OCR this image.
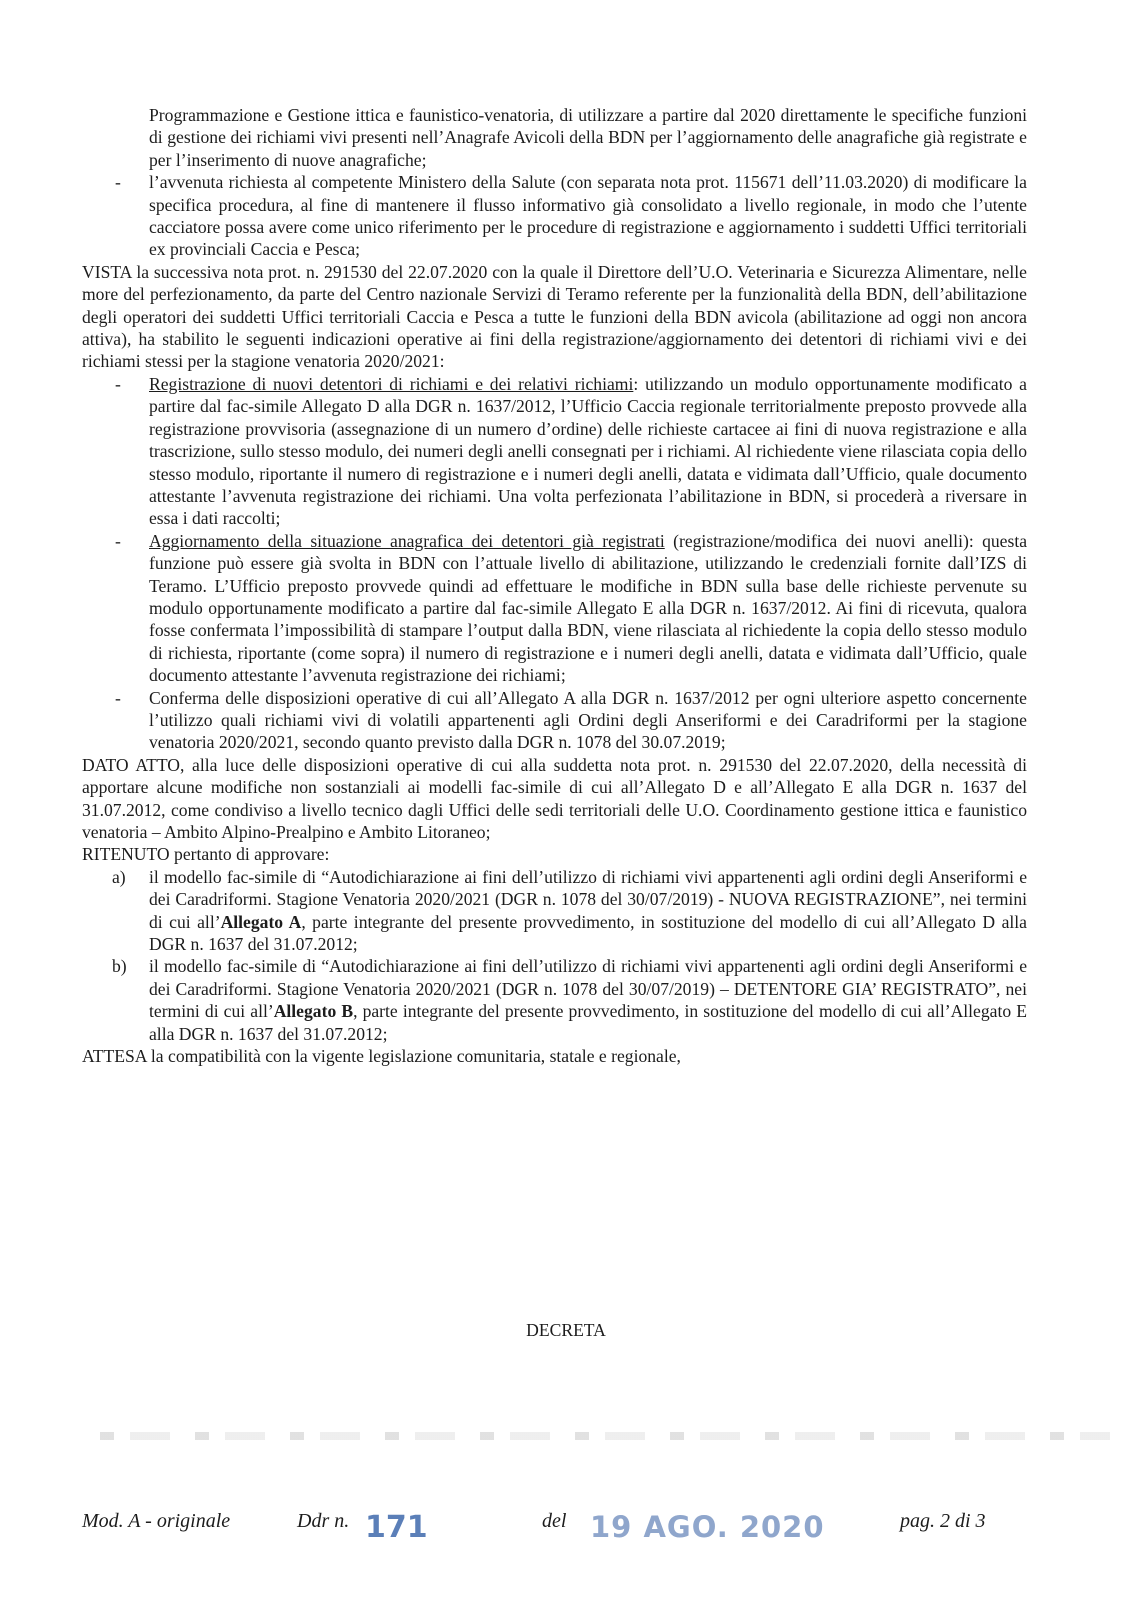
Programmazione e Gestione ittica e faunistico-venatoria, di utilizzare a partire dal 2020 direttamente le specifiche funzioni di gestione dei richiami vivi presenti nell’Anagrafe Avicoli della BDN per l’aggiornamento delle anagrafiche già registrate e per l’inserimento di nuove anagrafiche;

- l’avvenuta richiesta al competente Ministero della Salute (con separata nota prot. 115671 dell’11.03.2020) di modificare la specifica procedura, al fine di mantenere il flusso informativo già consolidato a livello regionale, in modo che l’utente cacciatore possa avere come unico riferimento per le procedure di registrazione e aggiornamento i suddetti Uffici territoriali ex provinciali Caccia e Pesca;

VISTA la successiva nota prot. n. 291530 del 22.07.2020 con la quale il Direttore dell’U.O. Veterinaria e Sicurezza Alimentare, nelle more del perfezionamento, da parte del Centro nazionale Servizi di Teramo referente per la funzionalità della BDN, dell’abilitazione degli operatori dei suddetti Uffici territoriali Caccia e Pesca a tutte le funzioni della BDN avicola (abilitazione ad oggi non ancora attiva), ha stabilito le seguenti indicazioni operative ai fini della registrazione/aggiornamento dei detentori di richiami vivi e dei richiami stessi per la stagione venatoria 2020/2021:

- Registrazione di nuovi detentori di richiami e dei relativi richiami: utilizzando un modulo opportunamente modificato a partire dal fac-simile Allegato D alla DGR n. 1637/2012, l’Ufficio Caccia regionale territorialmente preposto provvede alla registrazione provvisoria (assegnazione di un numero d’ordine) delle richieste cartacee ai fini di nuova registrazione e alla trascrizione, sullo stesso modulo, dei numeri degli anelli consegnati per i richiami. Al richiedente viene rilasciata copia dello stesso modulo, riportante il numero di registrazione e i numeri degli anelli, datata e vidimata dall’Ufficio, quale documento attestante l’avvenuta registrazione dei richiami. Una volta perfezionata l’abilitazione in BDN, si procederà a riversare in essa i dati raccolti;

- Aggiornamento della situazione anagrafica dei detentori già registrati (registrazione/modifica dei nuovi anelli): questa funzione può essere già svolta in BDN con l’attuale livello di abilitazione, utilizzando le credenziali fornite dall’IZS di Teramo. L’Ufficio preposto provvede quindi ad effettuare le modifiche in BDN sulla base delle richieste pervenute su modulo opportunamente modificato a partire dal fac-simile Allegato E alla DGR n. 1637/2012. Ai fini di ricevuta, qualora fosse confermata l’impossibilità di stampare l’output dalla BDN, viene rilasciata al richiedente la copia dello stesso modulo di richiesta, riportante (come sopra) il numero di registrazione e i numeri degli anelli, datata e vidimata dall’Ufficio, quale documento attestante l’avvenuta registrazione dei richiami;

- Conferma delle disposizioni operative di cui all’Allegato A alla DGR n. 1637/2012 per ogni ulteriore aspetto concernente l’utilizzo quali richiami vivi di volatili appartenenti agli Ordini degli Anseriformi e dei Caradriformi per la stagione venatoria 2020/2021, secondo quanto previsto dalla DGR n. 1078 del 30.07.2019;

DATO ATTO, alla luce delle disposizioni operative di cui alla suddetta nota prot. n. 291530 del 22.07.2020, della necessità di apportare alcune modifiche non sostanziali ai modelli fac-simile di cui all’Allegato D e all’Allegato E alla DGR n. 1637 del 31.07.2012, come condiviso a livello tecnico dagli Uffici delle sedi territoriali delle U.O. Coordinamento gestione ittica e faunistico venatoria – Ambito Alpino-Prealpino e Ambito Litoraneo;

RITENUTO pertanto di approvare:

a) il modello fac-simile di “Autodichiarazione ai fini dell’utilizzo di richiami vivi appartenenti agli ordini degli Anseriformi e dei Caradriformi. Stagione Venatoria 2020/2021 (DGR n. 1078 del 30/07/2019) - NUOVA REGISTRAZIONE”, nei termini di cui all’Allegato A, parte integrante del presente provvedimento, in sostituzione del modello di cui all’Allegato D alla DGR n. 1637 del 31.07.2012;

b) il modello fac-simile di “Autodichiarazione ai fini dell’utilizzo di richiami vivi appartenenti agli ordini degli Anseriformi e dei Caradriformi. Stagione Venatoria 2020/2021 (DGR n. 1078 del 30/07/2019) – DETENTORE GIA’ REGISTRATO”, nei termini di cui all’Allegato B, parte integrante del presente provvedimento, in sostituzione del modello di cui all’Allegato E alla DGR n. 1637 del 31.07.2012;

ATTESA la compatibilità con la vigente legislazione comunitaria, statale e regionale,

DECRETA
Mod. A - originale	Ddr n. 171	del 19 AGO. 2020	pag. 2 di 3
